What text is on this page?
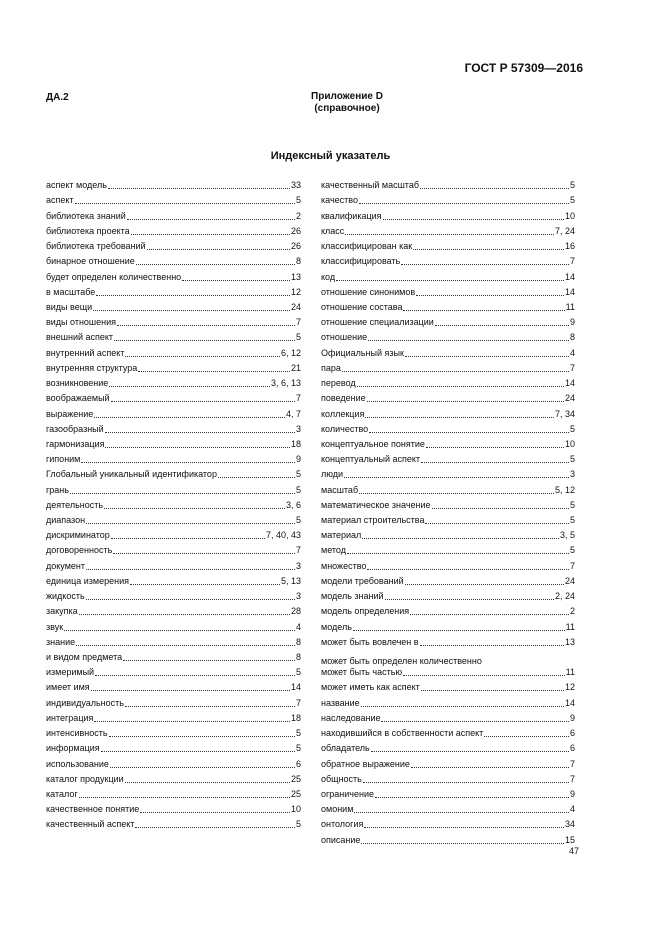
ГОСТ Р 57309—2016
ДА.2	Приложение D
(справочное)
Индексный указатель
аспект модель	33
аспект	5
библиотека знаний	2
библиотека проекта	26
библиотека требований	26
бинарное отношение	8
будет определен количественно	13
в масштабе	12
виды вещи	24
виды отношения	7
внешний аспект	5
внутренний аспект	6, 12
внутренняя структура	21
возникновение	3, 6, 13
воображаемый	7
выражение	4, 7
газообразный	3
гармонизация	18
гипоним	9
Глобальный уникальный идентификатор	5
грань	5
деятельность	3, 6
диапазон	5
дискриминатор	7, 40, 43
договоренность	7
документ	3
единица измерения	5, 13
жидкость	3
закупка	28
звук	4
знание	8
и видом предмета	8
измеримый	5
имеет имя	14
индивидуальность	7
интеграция	18
интенсивность	5
информация	5
использование	6
каталог продукции	25
каталог	25
качественное понятие	10
качественный аспект	5
качественный масштаб	5
качество	5
квалификация	10
класс	7, 24
классифицирован как	16
классифицировать	7
код	14
отношение синонимов	14
отношение состава	11
отношение специализации	9
отношение	8
Официальный язык	4
пара	7
перевод	14
поведение	24
коллекция	7, 34
количество	5
концептуальное понятие	10
концептуальный аспект	5
люди	3
масштаб	5, 12
математическое значение	5
материал строительства	5
материал	3, 5
метод	5
множество	7
модели требований	24
модель знаний	2, 24
модель определения	2
модель	11
может быть вовлечен в	13
может быть определен количественно
может быть частью	11
может иметь как аспект	12
название	14
наследование	9
находившийся в собственности аспект	6
обладатель	6
обратное выражение	7
общность	7
ограничение	9
омоним	4
онтология	34
описание	15
47
